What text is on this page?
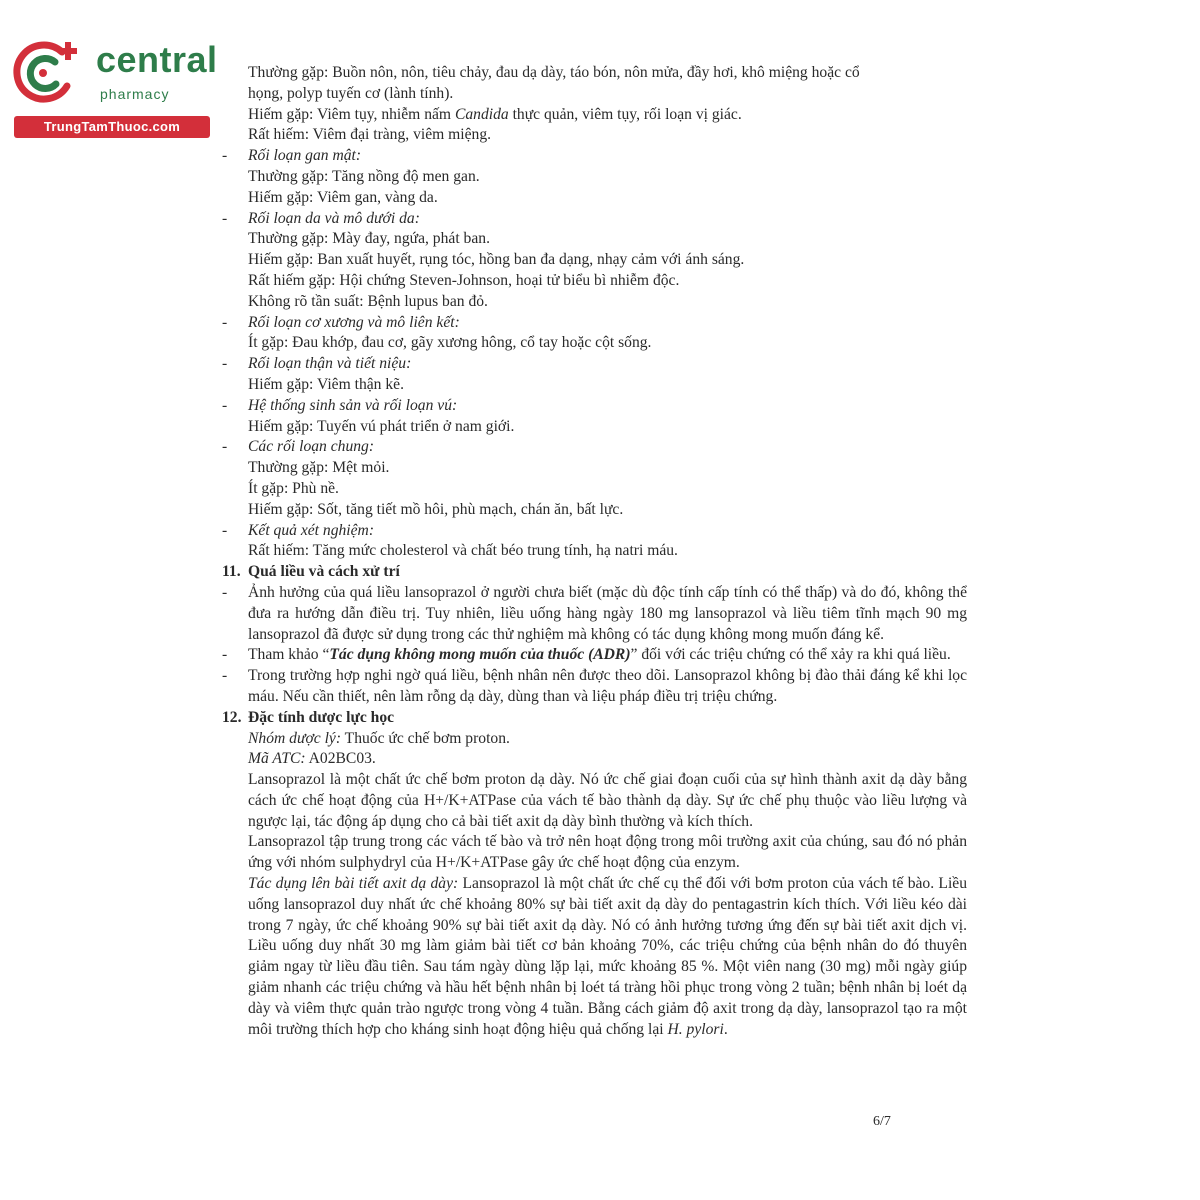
central
pharmacy
TrungTamThuoc.com
Thường gặp: Buồn nôn, nôn, tiêu chảy, đau dạ dày, táo bón, nôn mửa, đầy hơi, khô miệng hoặc cổ
họng, polyp tuyến cơ (lành tính).
Hiếm gặp: Viêm tụy, nhiễm nấm Candida thực quản, viêm tụy, rối loạn vị giác.
Rất hiếm: Viêm đại tràng, viêm miệng.
-	Rối loạn gan mật:
Thường gặp: Tăng nồng độ men gan.
Hiếm gặp: Viêm gan, vàng da.
-	Rối loạn da và mô dưới da:
Thường gặp: Mày đay, ngứa, phát ban.
Hiếm gặp: Ban xuất huyết, rụng tóc, hồng ban đa dạng, nhạy cảm với ánh sáng.
Rất hiếm gặp: Hội chứng Steven-Johnson, hoại tử biểu bì nhiễm độc.
Không rõ tần suất: Bệnh lupus ban đỏ.
-	Rối loạn cơ xương và mô liên kết:
Ít gặp: Đau khớp, đau cơ, gãy xương hông, cổ tay hoặc cột sống.
-	Rối loạn thận và tiết niệu:
Hiếm gặp: Viêm thận kẽ.
-	Hệ thống sinh sản và rối loạn vú:
Hiếm gặp: Tuyến vú phát triển ở nam giới.
-	Các rối loạn chung:
Thường gặp: Mệt mỏi.
Ít gặp: Phù nề.
Hiếm gặp: Sốt, tăng tiết mồ hôi, phù mạch, chán ăn, bất lực.
-	Kết quả xét nghiệm:
Rất hiếm: Tăng mức cholesterol và chất béo trung tính, hạ natri máu.
11. Quá liều và cách xử trí
-	Ảnh hưởng của quá liều lansoprazol ở người chưa biết (mặc dù độc tính cấp tính có thể thấp) và do đó, không thể đưa ra hướng dẫn điều trị. Tuy nhiên, liều uống hàng ngày 180 mg lansoprazol và liều tiêm tĩnh mạch 90 mg lansoprazol đã được sử dụng trong các thử nghiệm mà không có tác dụng không mong muốn đáng kể.
-	Tham khảo “Tác dụng không mong muốn của thuốc (ADR)” đối với các triệu chứng có thể xảy ra khi quá liều.
-	Trong trường hợp nghi ngờ quá liều, bệnh nhân nên được theo dõi. Lansoprazol không bị đào thải đáng kể khi lọc máu. Nếu cần thiết, nên làm rỗng dạ dày, dùng than và liệu pháp điều trị triệu chứng.
12. Đặc tính dược lực học
Nhóm dược lý: Thuốc ức chế bơm proton.
Mã ATC: A02BC03.
Lansoprazol là một chất ức chế bơm proton dạ dày. Nó ức chế giai đoạn cuối của sự hình thành axit dạ dày bằng cách ức chế hoạt động của H+/K+ATPase của vách tế bào thành dạ dày. Sự ức chế phụ thuộc vào liều lượng và ngược lại, tác động áp dụng cho cả bài tiết axit dạ dày bình thường và kích thích.
Lansoprazol tập trung trong các vách tế bào và trở nên hoạt động trong môi trường axit của chúng, sau đó nó phản ứng với nhóm sulphydryl của H+/K+ATPase gây ức chế hoạt động của enzym.
Tác dụng lên bài tiết axit dạ dày: Lansoprazol là một chất ức chế cụ thể đối với bơm proton của vách tế bào. Liều uống lansoprazol duy nhất ức chế khoảng 80% sự bài tiết axit dạ dày do pentagastrin kích thích. Với liều kéo dài trong 7 ngày, ức chế khoảng 90% sự bài tiết axit dạ dày. Nó có ảnh hưởng tương ứng đến sự bài tiết axit dịch vị. Liều uống duy nhất 30 mg làm giảm bài tiết cơ bản khoảng 70%, các triệu chứng của bệnh nhân do đó thuyên giảm ngay từ liều đầu tiên. Sau tám ngày dùng lặp lại, mức khoảng 85 %. Một viên nang (30 mg) mỗi ngày giúp giảm nhanh các triệu chứng và hầu hết bệnh nhân bị loét tá tràng hồi phục trong vòng 2 tuần; bệnh nhân bị loét dạ dày và viêm thực quản trào ngược trong vòng 4 tuần. Bằng cách giảm độ axit trong dạ dày, lansoprazol tạo ra một môi trường thích hợp cho kháng sinh hoạt động hiệu quả chống lại H. pylori.
6/7
